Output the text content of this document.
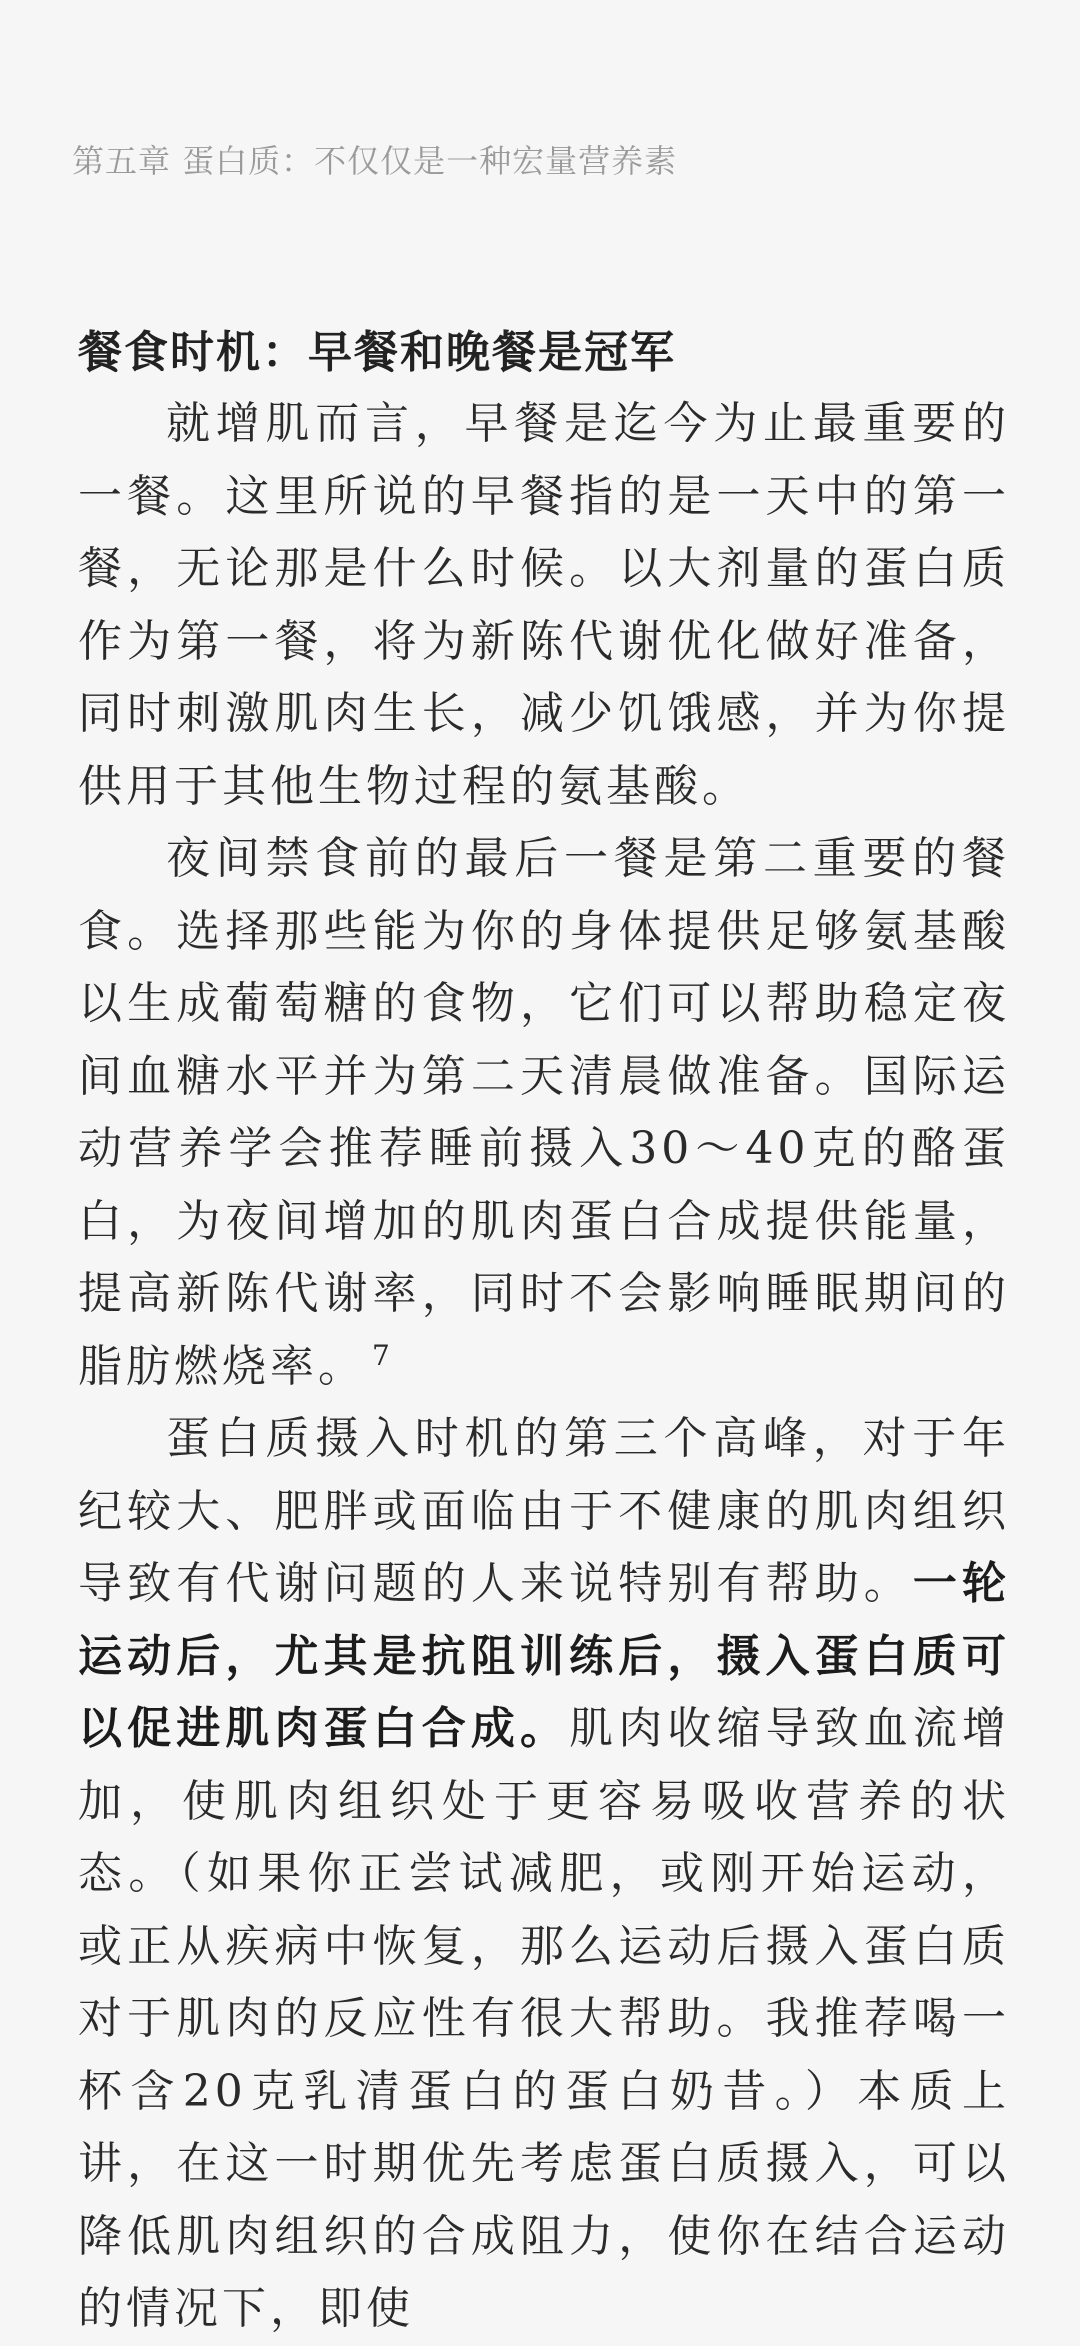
第五章 蛋白质：不仅仅是一种宏量营养素
餐食时机：早餐和晚餐是冠军

就增肌而言，早餐是迄今为止最重要的一餐。这里所说的早餐指的是一天中的第一餐，无论那是什么时候。以大剂量的蛋白质作为第一餐，将为新陈代谢优化做好准备，同时刺激肌肉生长，减少饥饿感，并为你提供用于其他生物过程的氨基酸。

夜间禁食前的最后一餐是第二重要的餐食。选择那些能为你的身体提供足够氨基酸以生成葡萄糖的食物，它们可以帮助稳定夜间血糖水平并为第二天清晨做准备。国际运动营养学会推荐睡前摄入30～40克的酪蛋白，为夜间增加的肌肉蛋白合成提供能量，提高新陈代谢率，同时不会影响睡眠期间的脂肪燃烧率。 $^7$

蛋白质摄入时机的第三个高峰，对于年纪较大、肥胖或面临由于不健康的肌肉组织导致有代谢问题的人来说特别有帮助。一轮运动后，尤其是抗阻训练后，摄入蛋白质可以促进肌肉蛋白合成。肌肉收缩导致血流增加，使肌肉组织处于更容易吸收营养的状态。（如果你正尝试减肥，或刚开始运动，或正从疾病中恢复，那么运动后摄入蛋白质对于肌肉的反应性有很大帮助。我推荐喝一杯含20克乳清蛋白的蛋白奶昔。）本质上讲，在这一时期优先考虑蛋白质摄入，可以降低肌肉组织的合成阻力，使你在结合运动的情况下，即使
